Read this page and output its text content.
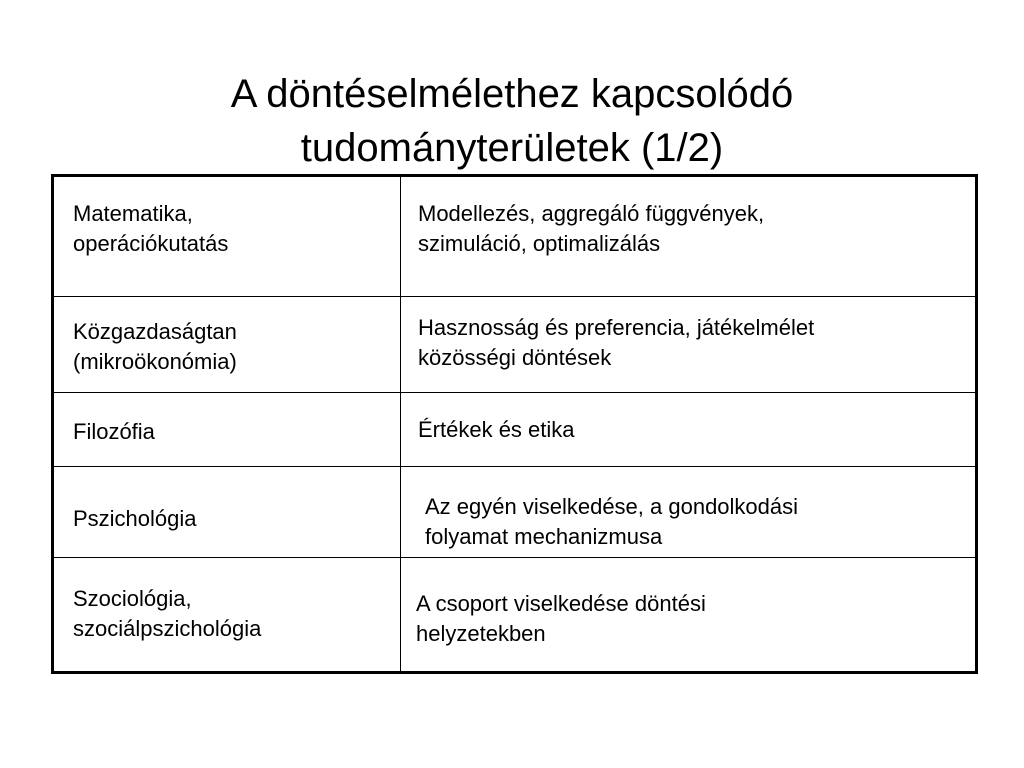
A döntéselmélethez kapcsolódó
tudományterületek (1/2)
Matematika,
operációkutatás	Modellezés, aggregáló függvények,
szimuláció, optimalizálás

Közgazdaságtan
(mikroökonómia)	Hasznosság és preferencia, játékelmélet
közösségi döntések

Filozófia	Értékek és etika

Pszichológia	Az egyén viselkedése, a gondolkodási
folyamat mechanizmusa

Szociológia,
szociálpszichológia	A csoport viselkedése döntési
helyzetekben
